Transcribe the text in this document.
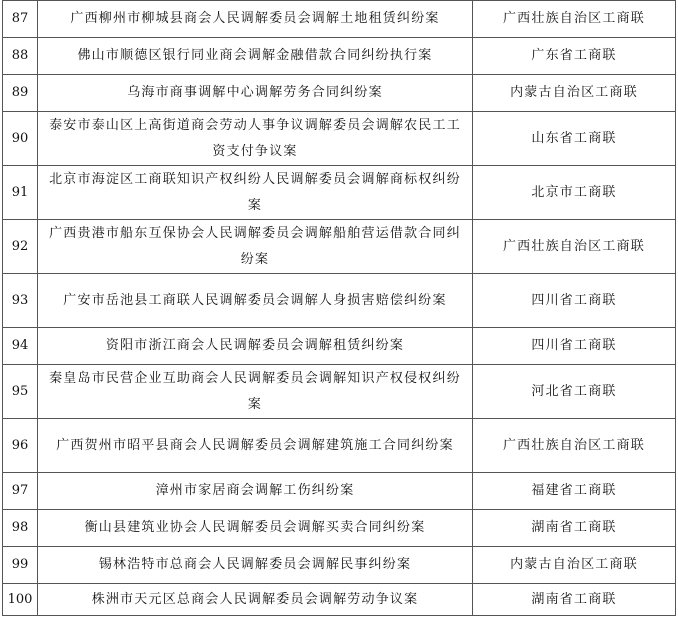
87	广西柳州市柳城县商会人民调解委员会调解土地租赁纠纷案	广西壮族自治区工商联
88	佛山市顺德区银行同业商会调解金融借款合同纠纷执行案	广东省工商联
89	乌海市商事调解中心调解劳务合同纠纷案	内蒙古自治区工商联
90	泰安市泰山区上高街道商会劳动人事争议调解委员会调解农民工工资支付争议案	山东省工商联
91	北京市海淀区工商联知识产权纠纷人民调解委员会调解商标权纠纷案	北京市工商联
92	广西贵港市船东互保协会人民调解委员会调解船舶营运借款合同纠纷案	广西壮族自治区工商联
93	广安市岳池县工商联人民调解委员会调解人身损害赔偿纠纷案	四川省工商联
94	资阳市浙江商会人民调解委员会调解租赁纠纷案	四川省工商联
95	秦皇岛市民营企业互助商会人民调解委员会调解知识产权侵权纠纷案	河北省工商联
96	广西贺州市昭平县商会人民调解委员会调解建筑施工合同纠纷案	广西壮族自治区工商联
97	漳州市家居商会调解工伤纠纷案	福建省工商联
98	衡山县建筑业协会人民调解委员会调解买卖合同纠纷案	湖南省工商联
99	锡林浩特市总商会人民调解委员会调解民事纠纷案	内蒙古自治区工商联
100	株洲市天元区总商会人民调解委员会调解劳动争议案	湖南省工商联
